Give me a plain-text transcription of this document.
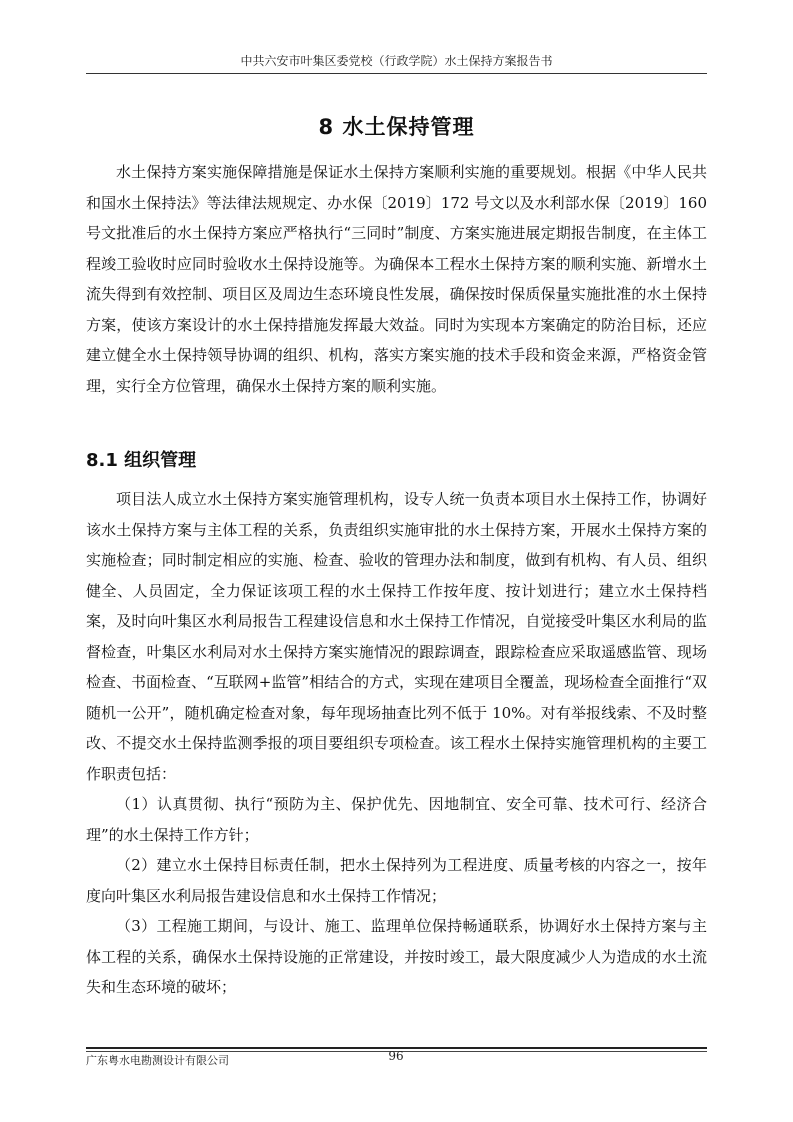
中共六安市叶集区委党校（行政学院）水土保持方案报告书
8 水土保持管理

水土保持方案实施保障措施是保证水土保持方案顺利实施的重要规划。根据《中华人民共和国水土保持法》等法律法规规定、办水保〔2019〕172 号文以及水利部水保〔2019〕160 号文批准后的水土保持方案应严格执行“三同时”制度、方案实施进展定期报告制度，在主体工程竣工验收时应同时验收水土保持设施等。为确保本工程水土保持方案的顺利实施、新增水土流失得到有效控制、项目区及周边生态环境良性发展，确保按时保质保量实施批准的水土保持方案，使该方案设计的水土保持措施发挥最大效益。同时为实现本方案确定的防治目标，还应建立健全水土保持领导协调的组织、机构，落实方案实施的技术手段和资金来源，严格资金管理，实行全方位管理，确保水土保持方案的顺利实施。

8.1 组织管理

项目法人成立水土保持方案实施管理机构，设专人统一负责本项目水土保持工作，协调好该水土保持方案与主体工程的关系，负责组织实施审批的水土保持方案，开展水土保持方案的实施检查；同时制定相应的实施、检查、验收的管理办法和制度，做到有机构、有人员、组织健全、人员固定，全力保证该项工程的水土保持工作按年度、按计划进行；建立水土保持档案，及时向叶集区水利局报告工程建设信息和水土保持工作情况，自觉接受叶集区水利局的监督检查，叶集区水利局对水土保持方案实施情况的跟踪调查，跟踪检查应采取遥感监管、现场检查、书面检查、“互联网+监管”相结合的方式，实现在建项目全覆盖，现场检查全面推行“双随机一公开”，随机确定检查对象，每年现场抽查比列不低于 10%。对有举报线索、不及时整改、不提交水土保持监测季报的项目要组织专项检查。该工程水土保持实施管理机构的主要工作职责包括：

（1）认真贯彻、执行“预防为主、保护优先、因地制宜、安全可靠、技术可行、经济合理”的水土保持工作方针；

（2）建立水土保持目标责任制，把水土保持列为工程进度、质量考核的内容之一，按年度向叶集区水利局报告建设信息和水土保持工作情况；

（3）工程施工期间，与设计、施工、监理单位保持畅通联系，协调好水土保持方案与主体工程的关系，确保水土保持设施的正常建设，并按时竣工，最大限度减少人为造成的水土流失和生态环境的破坏；

广东粤水电勘测设计有限公司	96
